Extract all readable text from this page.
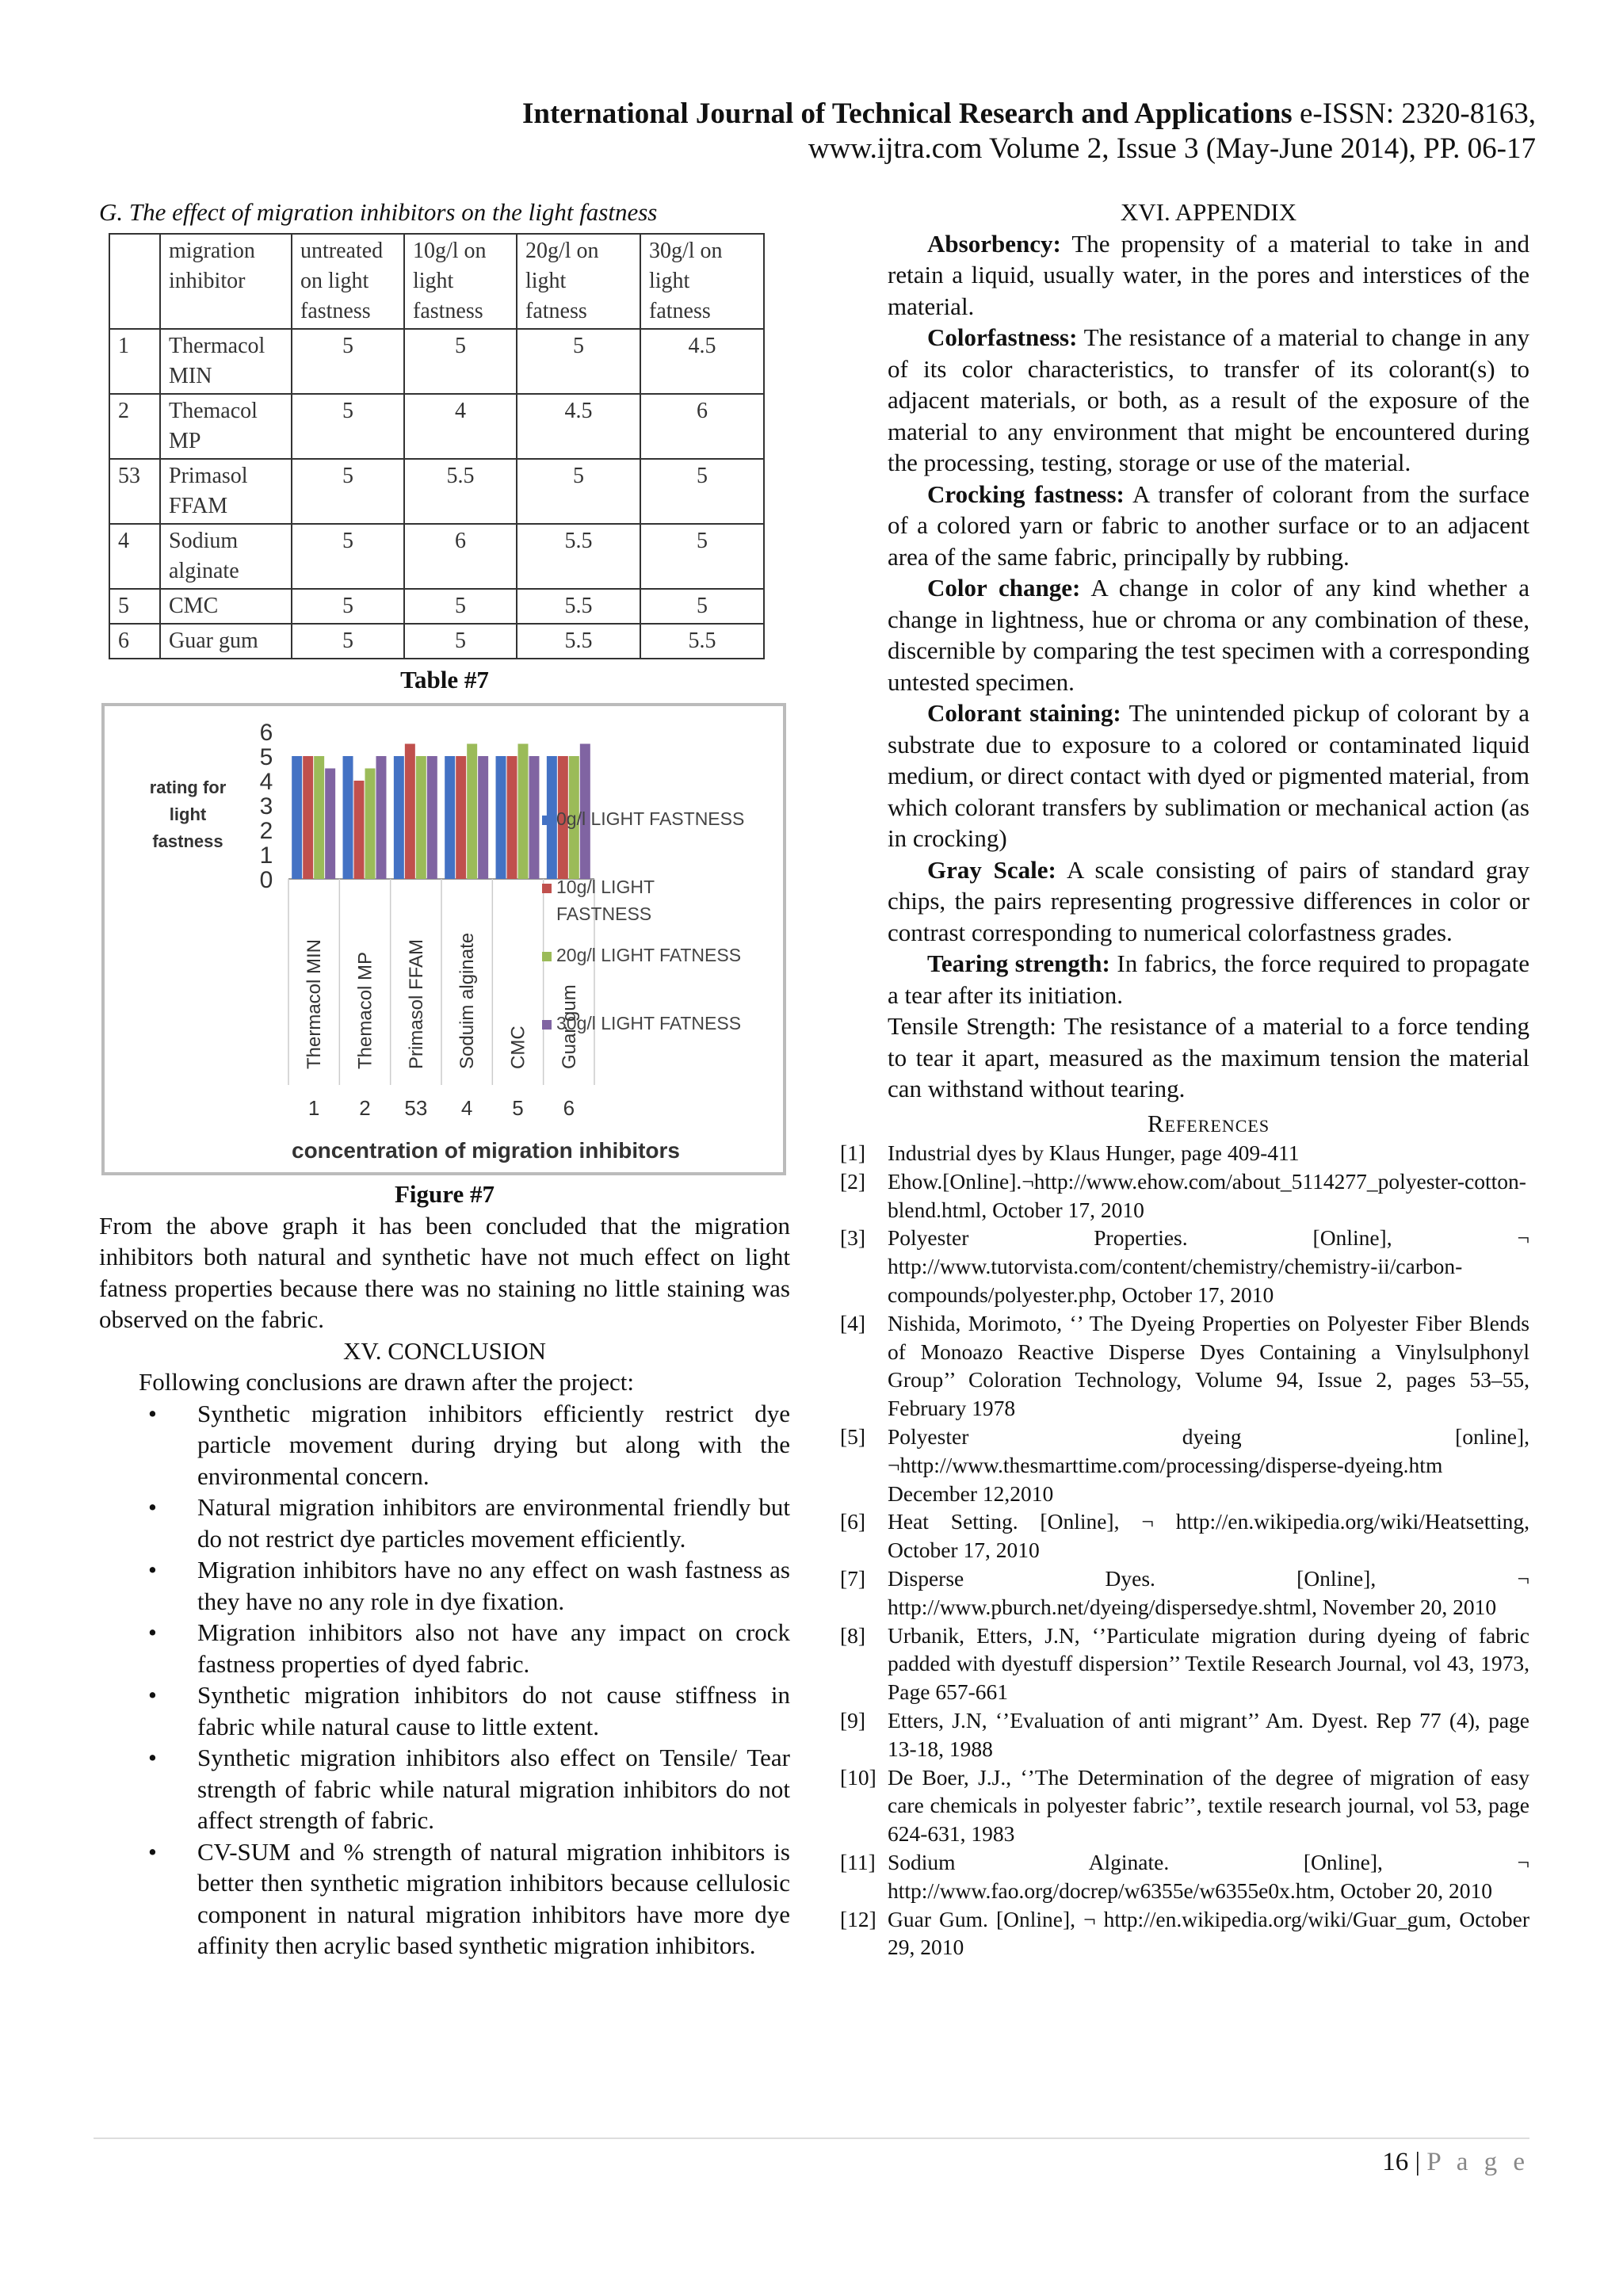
International Journal of Technical Research and Applications e-ISSN: 2320-8163,
www.ijtra.com Volume 2, Issue 3 (May-June 2014), PP. 06-17
G. The effect of migration inhibitors on the light fastness
	migration inhibitor	untreated on light fastness	10g/l on light fastness	20g/l on light fatness	30g/l on light fatness
1	Thermacol MIN	5	5	5	4.5
2	Themacol MP	5	4	4.5	6
53	Primasol FFAM	5	5.5	5	5
4	Sodium alginate	5	6	5.5	5
5	CMC	5	5	5.5	5
6	Guar gum	5	5	5.5	5.5
Table #7
rating for light fastness
0
1
2
3
4
5
6
Thermacol MIN
1
Themacol MP
2
Primasol FFAM
53
Soduim alginate
4
CMC
5
Guar gum
6
concentration of migration inhibitors
0g/l LIGHT FASTNESS
10g/l LIGHT FASTNESS
20g/l LIGHT FATNESS
30g/l LIGHT FATNESS
Figure #7
From the above graph it has been concluded that the migration inhibitors both natural and synthetic have not much effect on light fatness properties because there was no staining no little staining was observed on the fabric.
XV. CONCLUSION
Following conclusions are drawn after the project:
• Synthetic migration inhibitors efficiently restrict dye particle movement during drying but along with the environmental concern.
• Natural migration inhibitors are environmental friendly but do not restrict dye particles movement efficiently.
• Migration inhibitors have no any effect on wash fastness as they have no any role in dye fixation.
• Migration inhibitors also not have any impact on crock fastness properties of dyed fabric.
• Synthetic migration inhibitors do not cause stiffness in fabric while natural cause to little extent.
• Synthetic migration inhibitors also effect on Tensile/ Tear strength of fabric while natural migration inhibitors do not affect strength of fabric.
• CV-SUM and % strength of natural migration inhibitors is better then synthetic migration inhibitors because cellulosic component in natural migration inhibitors have more dye affinity then acrylic based synthetic migration inhibitors.
XVI. APPENDIX
Absorbency: The propensity of a material to take in and retain a liquid, usually water, in the pores and interstices of the material.
Colorfastness: The resistance of a material to change in any of its color characteristics, to transfer of its colorant(s) to adjacent materials, or both, as a result of the exposure of the material to any environment that might be encountered during the processing, testing, storage or use of the material.
Crocking fastness: A transfer of colorant from the surface of a colored yarn or fabric to another surface or to an adjacent area of the same fabric, principally by rubbing.
Color change: A change in color of any kind whether a change in lightness, hue or chroma or any combination of these, discernible by comparing the test specimen with a corresponding untested specimen.
Colorant staining: The unintended pickup of colorant by a substrate due to exposure to a colored or contaminated liquid medium, or direct contact with dyed or pigmented material, from which colorant transfers by sublimation or mechanical action (as in crocking)
Gray Scale: A scale consisting of pairs of standard gray chips, the pairs representing progressive differences in color or contrast corresponding to numerical colorfastness grades.
Tearing strength: In fabrics, the force required to propagate a tear after its initiation.
Tensile Strength: The resistance of a material to a force tending to tear it apart, measured as the maximum tension the material can withstand without tearing.
References
[1]	Industrial dyes by Klaus Hunger, page 409-411
[2]	Ehow.[Online].¬http://www.ehow.com/about_5114277_polyester-cotton-blend.html, October 17, 2010
[3]	Polyester Properties. [Online], ¬ http://www.tutorvista.com/content/chemistry/chemistry-ii/carbon-compounds/polyester.php, October 17, 2010
[4]	Nishida, Morimoto, ‘’ The Dyeing Properties on Polyester Fiber Blends of Monoazo Reactive Disperse Dyes Containing a Vinylsulphonyl Group’’ Coloration Technology, Volume 94, Issue 2, pages 53–55, February 1978
[5]	Polyester dyeing [online], ¬http://www.thesmarttime.com/processing/disperse-dyeing.htm December 12,2010
[6]	Heat Setting. [Online], ¬ http://en.wikipedia.org/wiki/Heatsetting, October 17, 2010
[7]	Disperse Dyes. [Online], ¬ http://www.pburch.net/dyeing/dispersedye.shtml, November 20, 2010
[8]	Urbanik, Etters, J.N, ‘’Particulate migration during dyeing of fabric padded with dyestuff dispersion’’ Textile Research Journal, vol 43, 1973, Page 657-661
[9]	Etters, J.N, ‘’Evaluation of anti migrant’’ Am. Dyest. Rep 77 (4), page 13-18, 1988
[10] De Boer, J.J., ‘’The Determination of the degree of migration of easy care chemicals in polyester fabric’’, textile research journal, vol 53, page 624-631, 1983
[11] Sodium Alginate. [Online], ¬ http://www.fao.org/docrep/w6355e/w6355e0x.htm, October 20, 2010
[12] Guar Gum. [Online], ¬ http://en.wikipedia.org/wiki/Guar_gum, October 29, 2010
16 | P a g e
